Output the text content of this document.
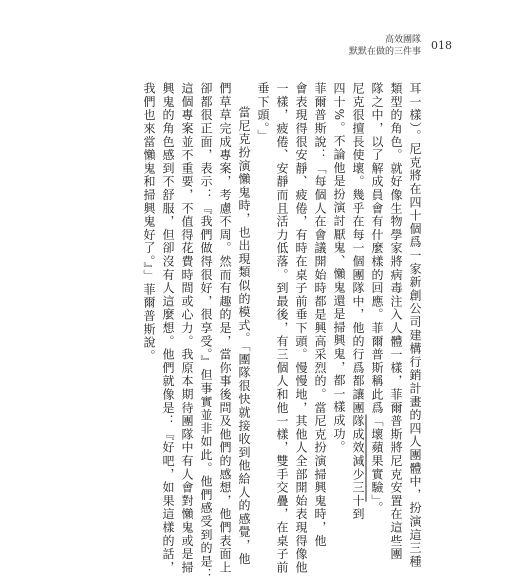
高效團隊
默默在做的三件事 018
耳一樣）。尼克將在四十個爲一家新創公司建構行銷計畫的四人團體中，扮演這三種
類型的角色。就好像生物學家將病毒注入人體一樣，菲爾普斯將尼克安置在這些團
隊之中，以了解成員會有什麼樣的回應。菲爾普斯稱此爲「壞蘋果實驗」。
尼克很擅長使壞。幾乎在每一個團隊中，他的行爲都讓團隊成效減少三十到
四十%。不論他是扮演討厭鬼、懶鬼還是掃興鬼，都一樣成功。
菲爾普斯說：「每個人在會議開始時都是興高采烈的。當尼克扮演掃興鬼時，他
會表現得很安靜、疲倦，有時在桌子前垂下頭。慢慢地，其他人全部開始表現得像他
一樣，疲倦、安靜而且活力低落。到最後，有三個人和他一樣，雙手交疊，在桌子前
垂下頭。」
當尼克扮演懶鬼時，也出現類似的模式。「團隊很快就接收到他給人的感覺，他
們草草完成專案，考慮不周。然而有趣的是，當你事後問及他們的感想，他們表面上
卻都很正面，表示：『我們做得很好，很享受。』但事實並非如此。他們感受到的是：
這個專案並不重要，不值得花費時間或心力。我原本期待團隊中有人會對懶鬼或是掃
興鬼的角色感到不舒服，但卻沒有人這麼想。他們就像是：『好吧，如果這樣的話，
我們也來當懶鬼和掃興鬼好了。』」菲爾普斯說。
